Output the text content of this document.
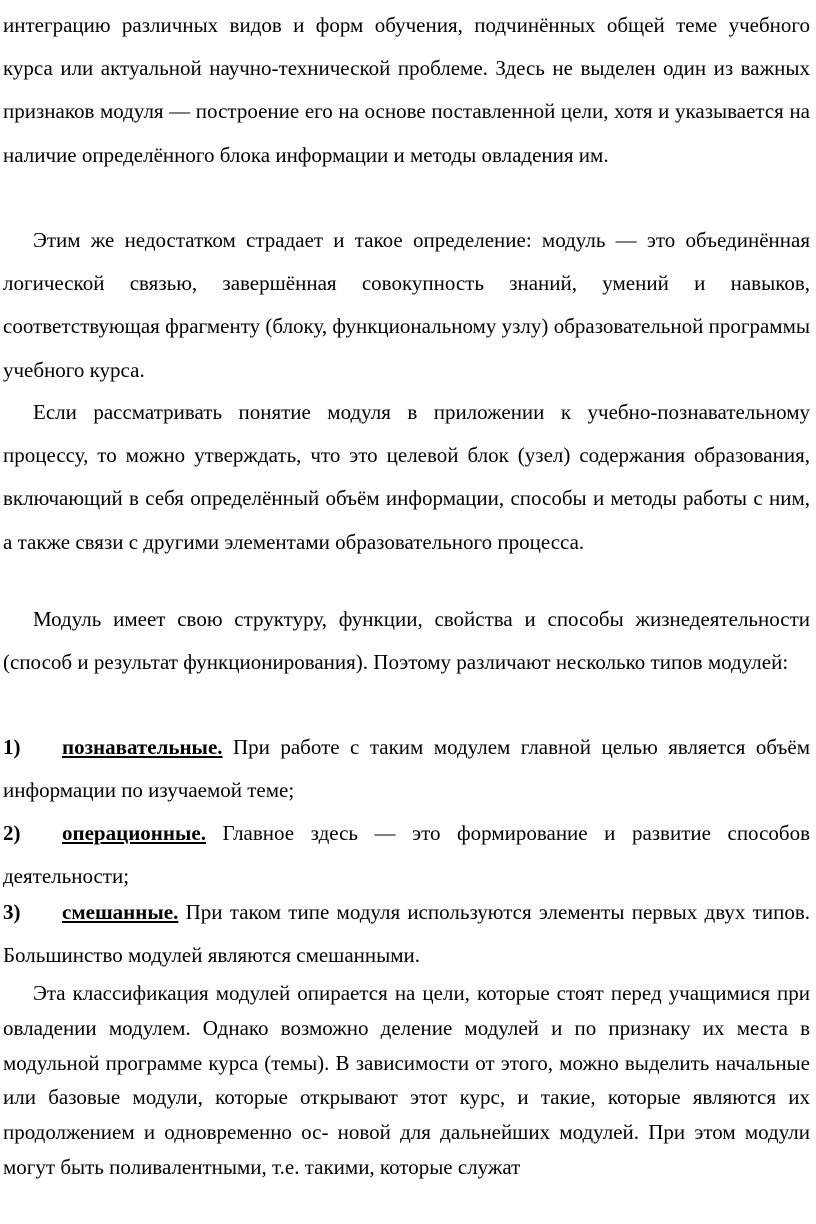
интеграцию различных видов и форм обучения, подчинённых общей теме учебного курса или актуальной научно-технической проблеме. Здесь не выделен один из важных признаков модуля — построение его на основе поставленной цели, хотя и указывается на наличие определённого блока информации и методы овладения им.

Этим же недостатком страдает и такое определение: модуль — это объединённая логической связью, завершённая совокупность знаний, умений и навыков, соответствующая фрагменту (блоку, функциональному узлу) образовательной программы учебного курса.

Если рассматривать понятие модуля в приложении к учебно-познавательному процессу, то можно утверждать, что это целевой блок (узел) содержания образования, включающий в себя определённый объём информации, способы и методы работы с ним, а также связи с другими элементами образовательного процесса.

Модуль имеет свою структуру, функции, свойства и способы жизнедеятельности (способ и результат функционирования). Поэтому различают несколько типов модулей:

1) познавательные. При работе с таким модулем главной целью является объём информации по изучаемой теме;

2) операционные. Главное здесь — это формирование и развитие способов деятельности;

3) смешанные. При таком типе модуля используются элементы первых двух типов. Большинство модулей являются смешанными.

Эта классификация модулей опирается на цели, которые стоят перед учащимися при овладении модулем. Однако возможно деление модулей и по признаку их места в модульной программе курса (темы). В зависимости от этого, можно выделить начальные или базовые модули, которые открывают этот курс, и такие, которые являются их продолжением и одновременно ос- новой для дальнейших модулей. При этом модули могут быть поливалентными, т.е. такими, которые служат
